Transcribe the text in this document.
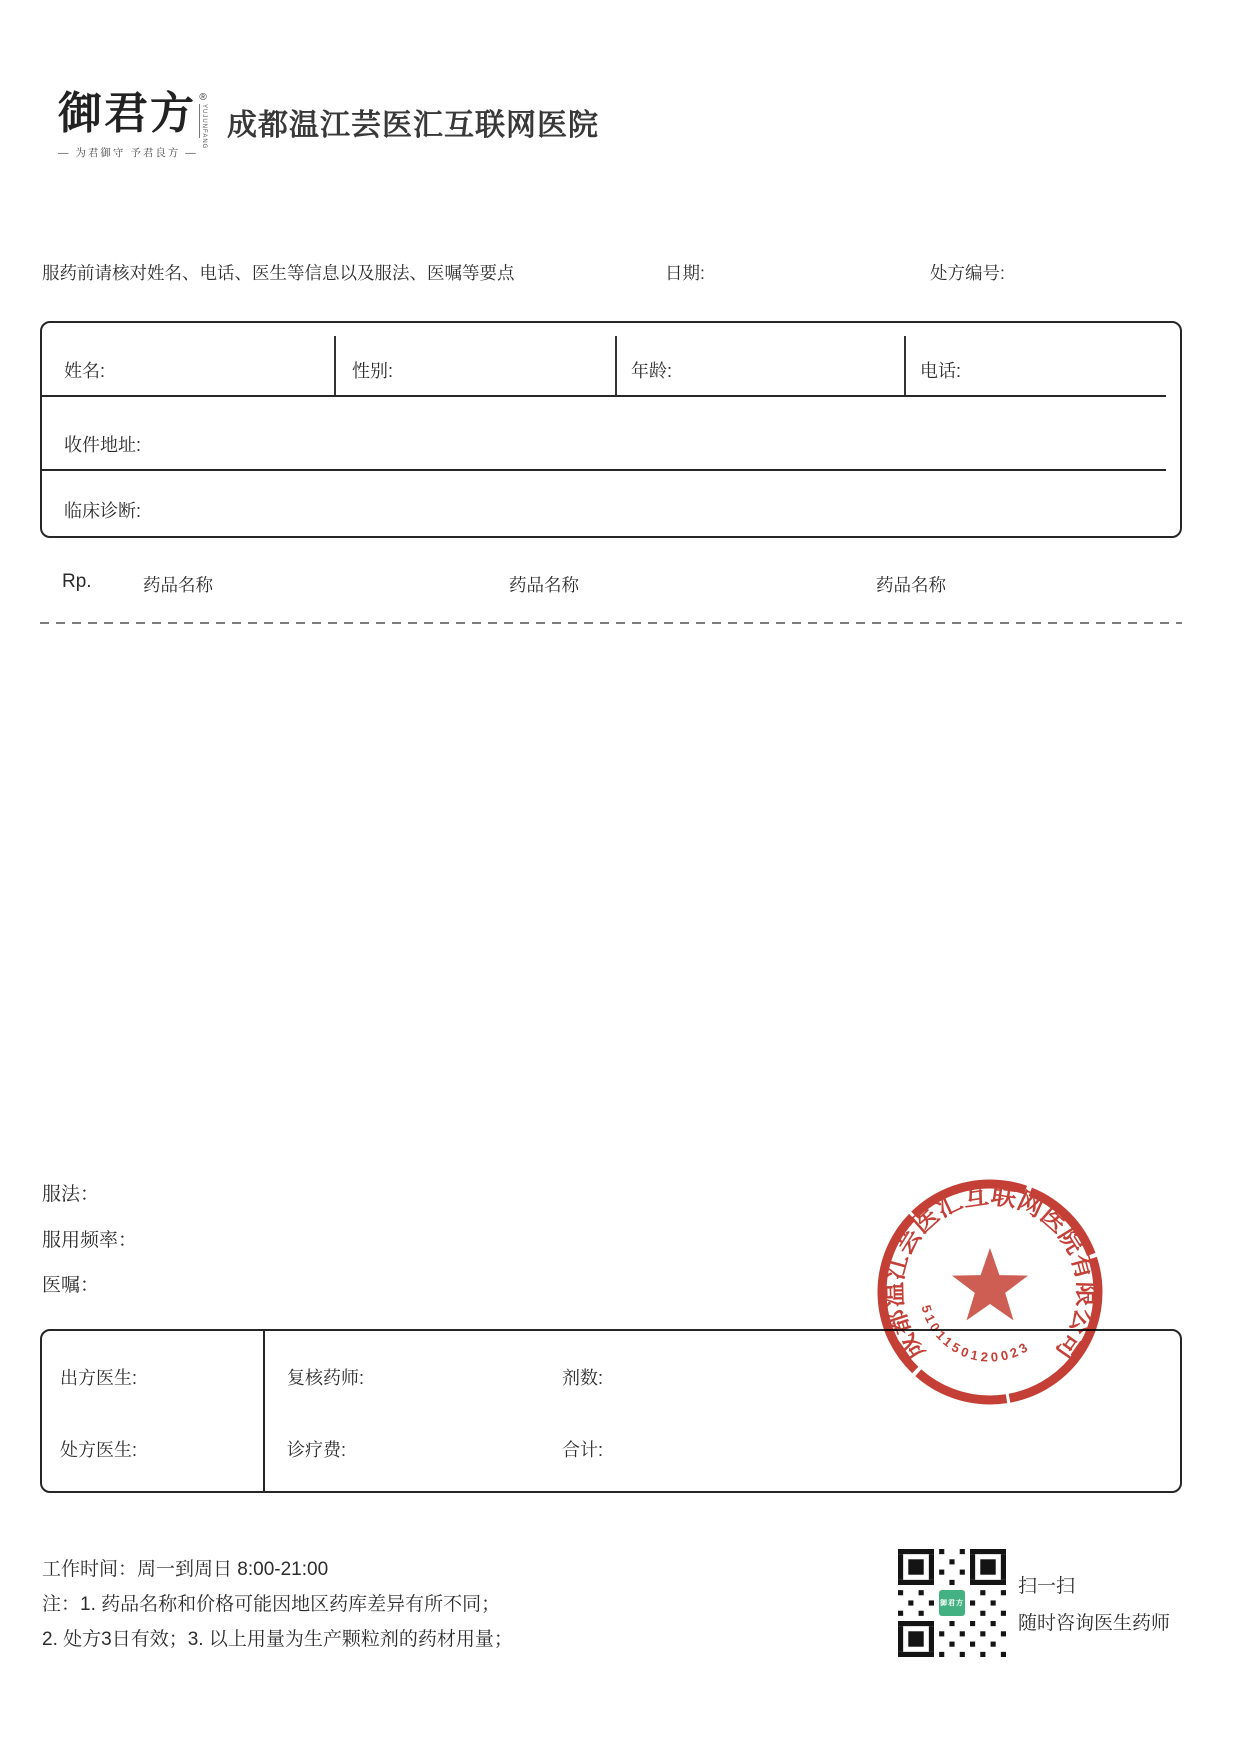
御君方 ®
YUJUNFANG
— 为君御守 予君良方 —
成都温江芸医汇互联网医院
服药前请核对姓名、电话、医生等信息以及服法、医嘱等要点	日期:	处方编号:
姓名:	性别:	年龄:	电话:
收件地址:
临床诊断:
Rp.	药品名称	药品名称	药品名称
服法：
服用频率：
医嘱：
出方医生:	复核药师:	剂数:
处方医生:	诊疗费:	合计:
成都温江芸医汇互联网医院有限公司
5101150120023
工作时间：周一到周日 8:00-21:00
注：1. 药品名称和价格可能因地区药库差异有所不同；
2. 处方3日有效；3. 以上用量为生产颗粒剂的药材用量；
御君方
扫一扫
随时咨询医生药师
